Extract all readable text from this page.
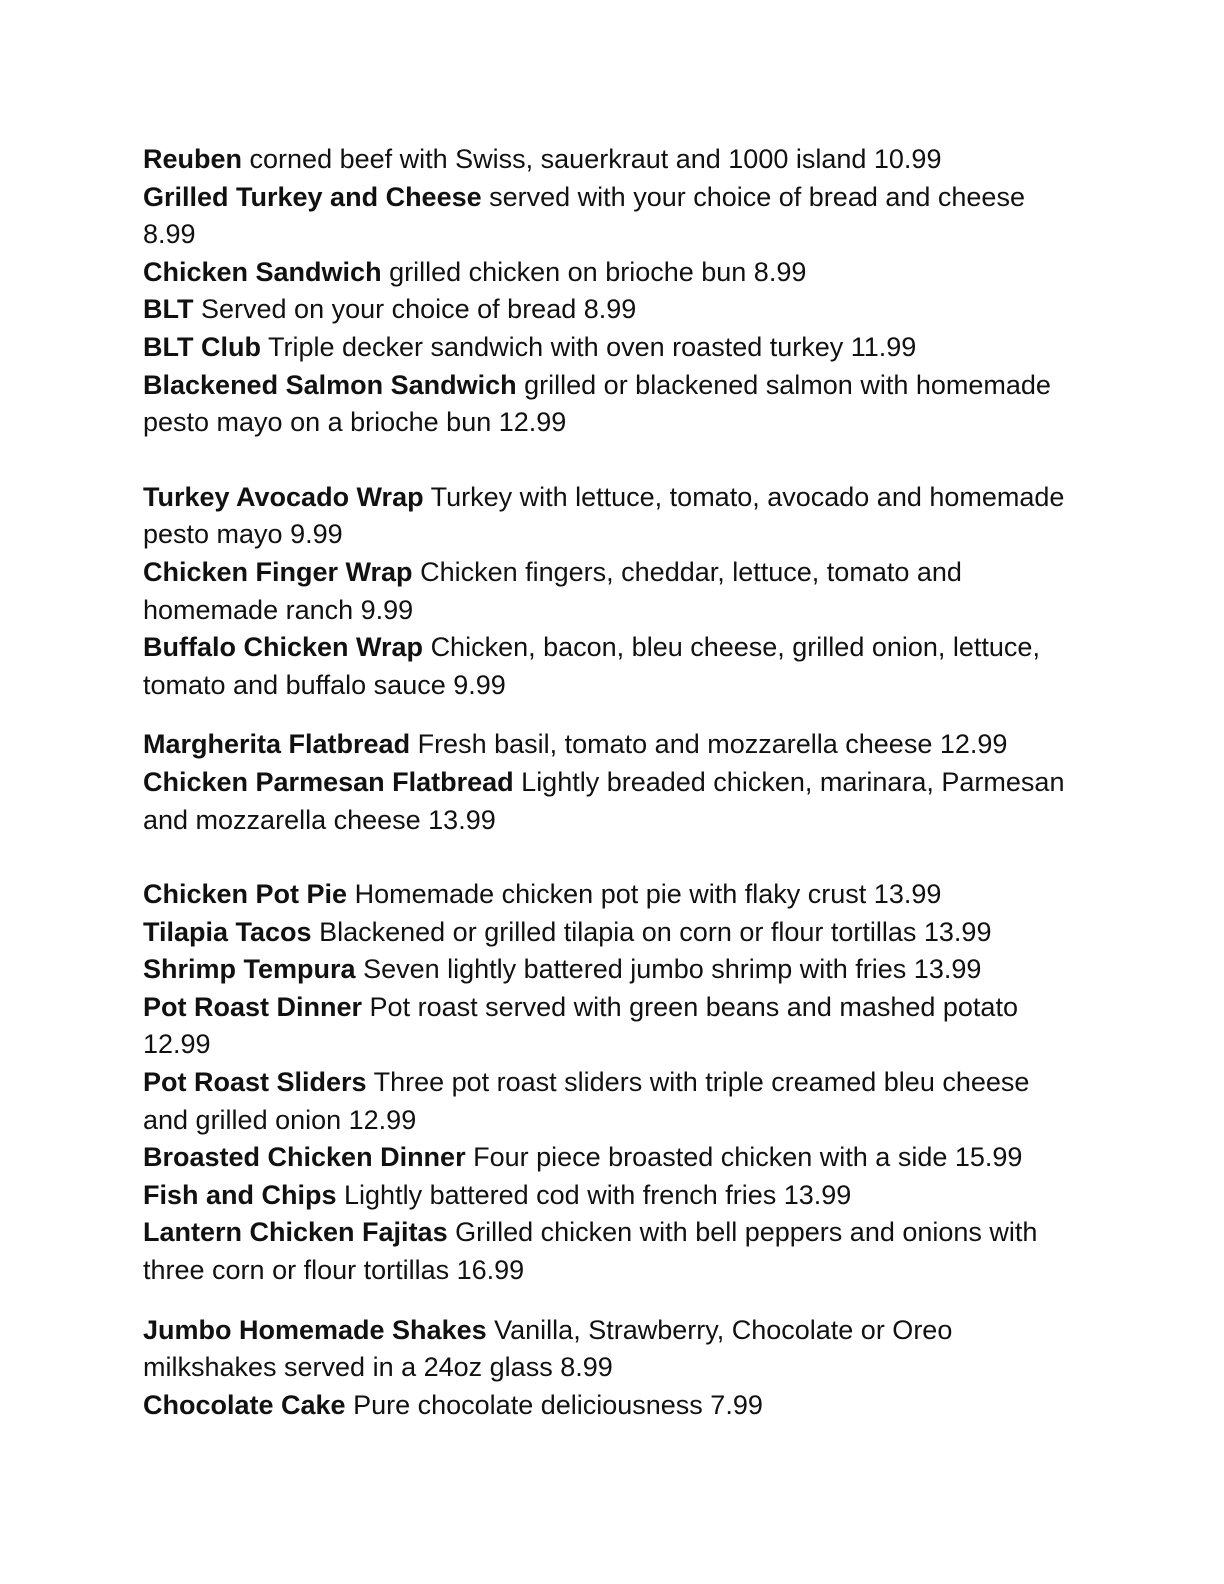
Reuben corned beef with Swiss, sauerkraut and 1000 island 10.99

Grilled Turkey and Cheese served with your choice of bread and cheese 8.99

Chicken Sandwich grilled chicken on brioche bun 8.99

BLT Served on your choice of bread 8.99

BLT Club Triple decker sandwich with oven roasted turkey 11.99

Blackened Salmon Sandwich grilled or blackened salmon with homemade pesto mayo on a brioche bun 12.99

Turkey Avocado Wrap Turkey with lettuce, tomato, avocado and homemade pesto mayo 9.99

Chicken Finger Wrap Chicken fingers, cheddar, lettuce, tomato and homemade ranch 9.99

Buffalo Chicken Wrap Chicken, bacon, bleu cheese, grilled onion, lettuce, tomato and buffalo sauce 9.99

Margherita Flatbread Fresh basil, tomato and mozzarella cheese 12.99

Chicken Parmesan Flatbread Lightly breaded chicken, marinara, Parmesan and mozzarella cheese 13.99

Chicken Pot Pie Homemade chicken pot pie with flaky crust 13.99

Tilapia Tacos Blackened or grilled tilapia on corn or flour tortillas 13.99

Shrimp Tempura Seven lightly battered jumbo shrimp with fries 13.99

Pot Roast Dinner Pot roast served with green beans and mashed potato 12.99

Pot Roast Sliders Three pot roast sliders with triple creamed bleu cheese and grilled onion 12.99

Broasted Chicken Dinner Four piece broasted chicken with a side 15.99

Fish and Chips Lightly battered cod with french fries 13.99

Lantern Chicken Fajitas Grilled chicken with bell peppers and onions with three corn or flour tortillas 16.99

Jumbo Homemade Shakes Vanilla, Strawberry, Chocolate or Oreo milkshakes served in a 24oz glass 8.99

Chocolate Cake Pure chocolate deliciousness 7.99
